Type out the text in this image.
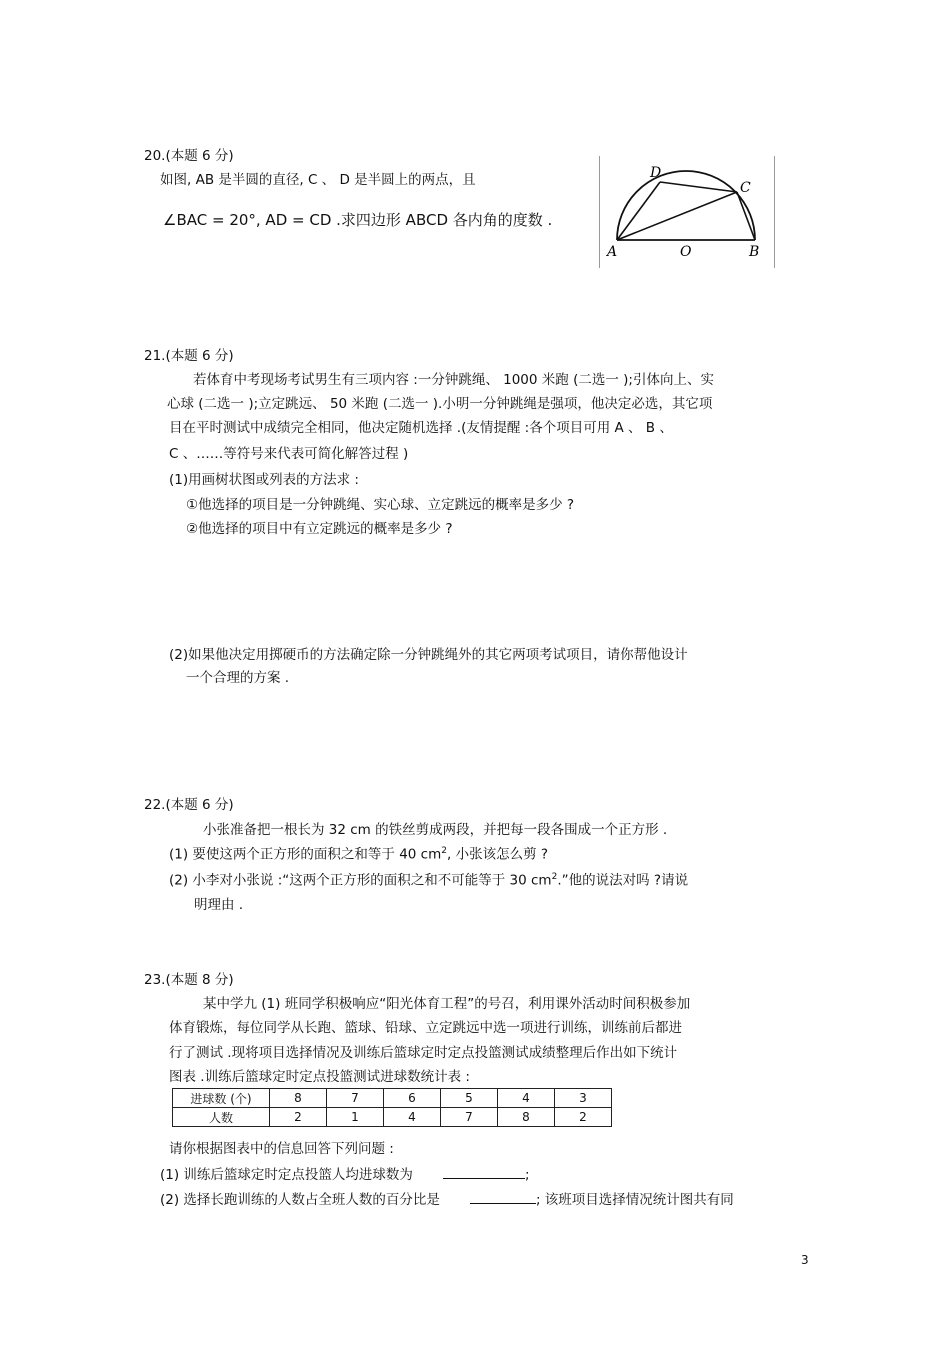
20.(本题 6 分)
如图, AB 是半圆的直径, C 、 D 是半圆上的两点，且
∠BAC = 20°, AD = CD .求四边形 ABCD 各内角的度数 .
A	O	B
C
D
21.(本题 6 分)
若体育中考现场考试男生有三项内容 :一分钟跳绳、 1000 米跑 (二选一 );引体向上、实
心球 (二选一 );立定跳远、 50 米跑 (二选一 ).小明一分钟跳绳是强项，他决定必选，其它项
目在平时测试中成绩完全相同，他决定随机选择 .(友情提醒 :各个项目可用 A 、 B 、
C 、……等符号来代表可简化解答过程 )
(1)用画树状图或列表的方法求 :
①他选择的项目是一分钟跳绳、实心球、立定跳远的概率是多少 ?
②他选择的项目中有立定跳远的概率是多少 ?
(2)如果他决定用掷硬币的方法确定除一分钟跳绳外的其它两项考试项目，请你帮他设计
一个合理的方案 .
22.(本题 6 分)
小张准备把一根长为 32 cm 的铁丝剪成两段，并把每一段各围成一个正方形 .
(1) 要使这两个正方形的面积之和等于 40 $cm^2$, 小张该怎么剪 ?
(2) 小李对小张说 :“这两个正方形的面积之和不可能等于 30 $cm^2$.”他的说法对吗 ?请说
明理由 .
23.(本题 8 分)
某中学九 (1) 班同学积极响应“阳光体育工程”的号召，利用课外活动时间积极参加
体育锻炼，每位同学从长跑、篮球、铅球、立定跳远中选一项进行训练，训练前后都进
行了测试 .现将项目选择情况及训练后篮球定时定点投篮测试成绩整理后作出如下统计
图表 .训练后篮球定时定点投篮测试进球数统计表 :
进球数 (个)	8	7	6	5	4	3
人数	2	1	4	7	8	2
请你根据图表中的信息回答下列问题 :
(1) 训练后篮球定时定点投篮人均进球数为	;
(2) 选择长跑训练的人数占全班人数的百分比是	; 该班项目选择情况统计图共有同
3
